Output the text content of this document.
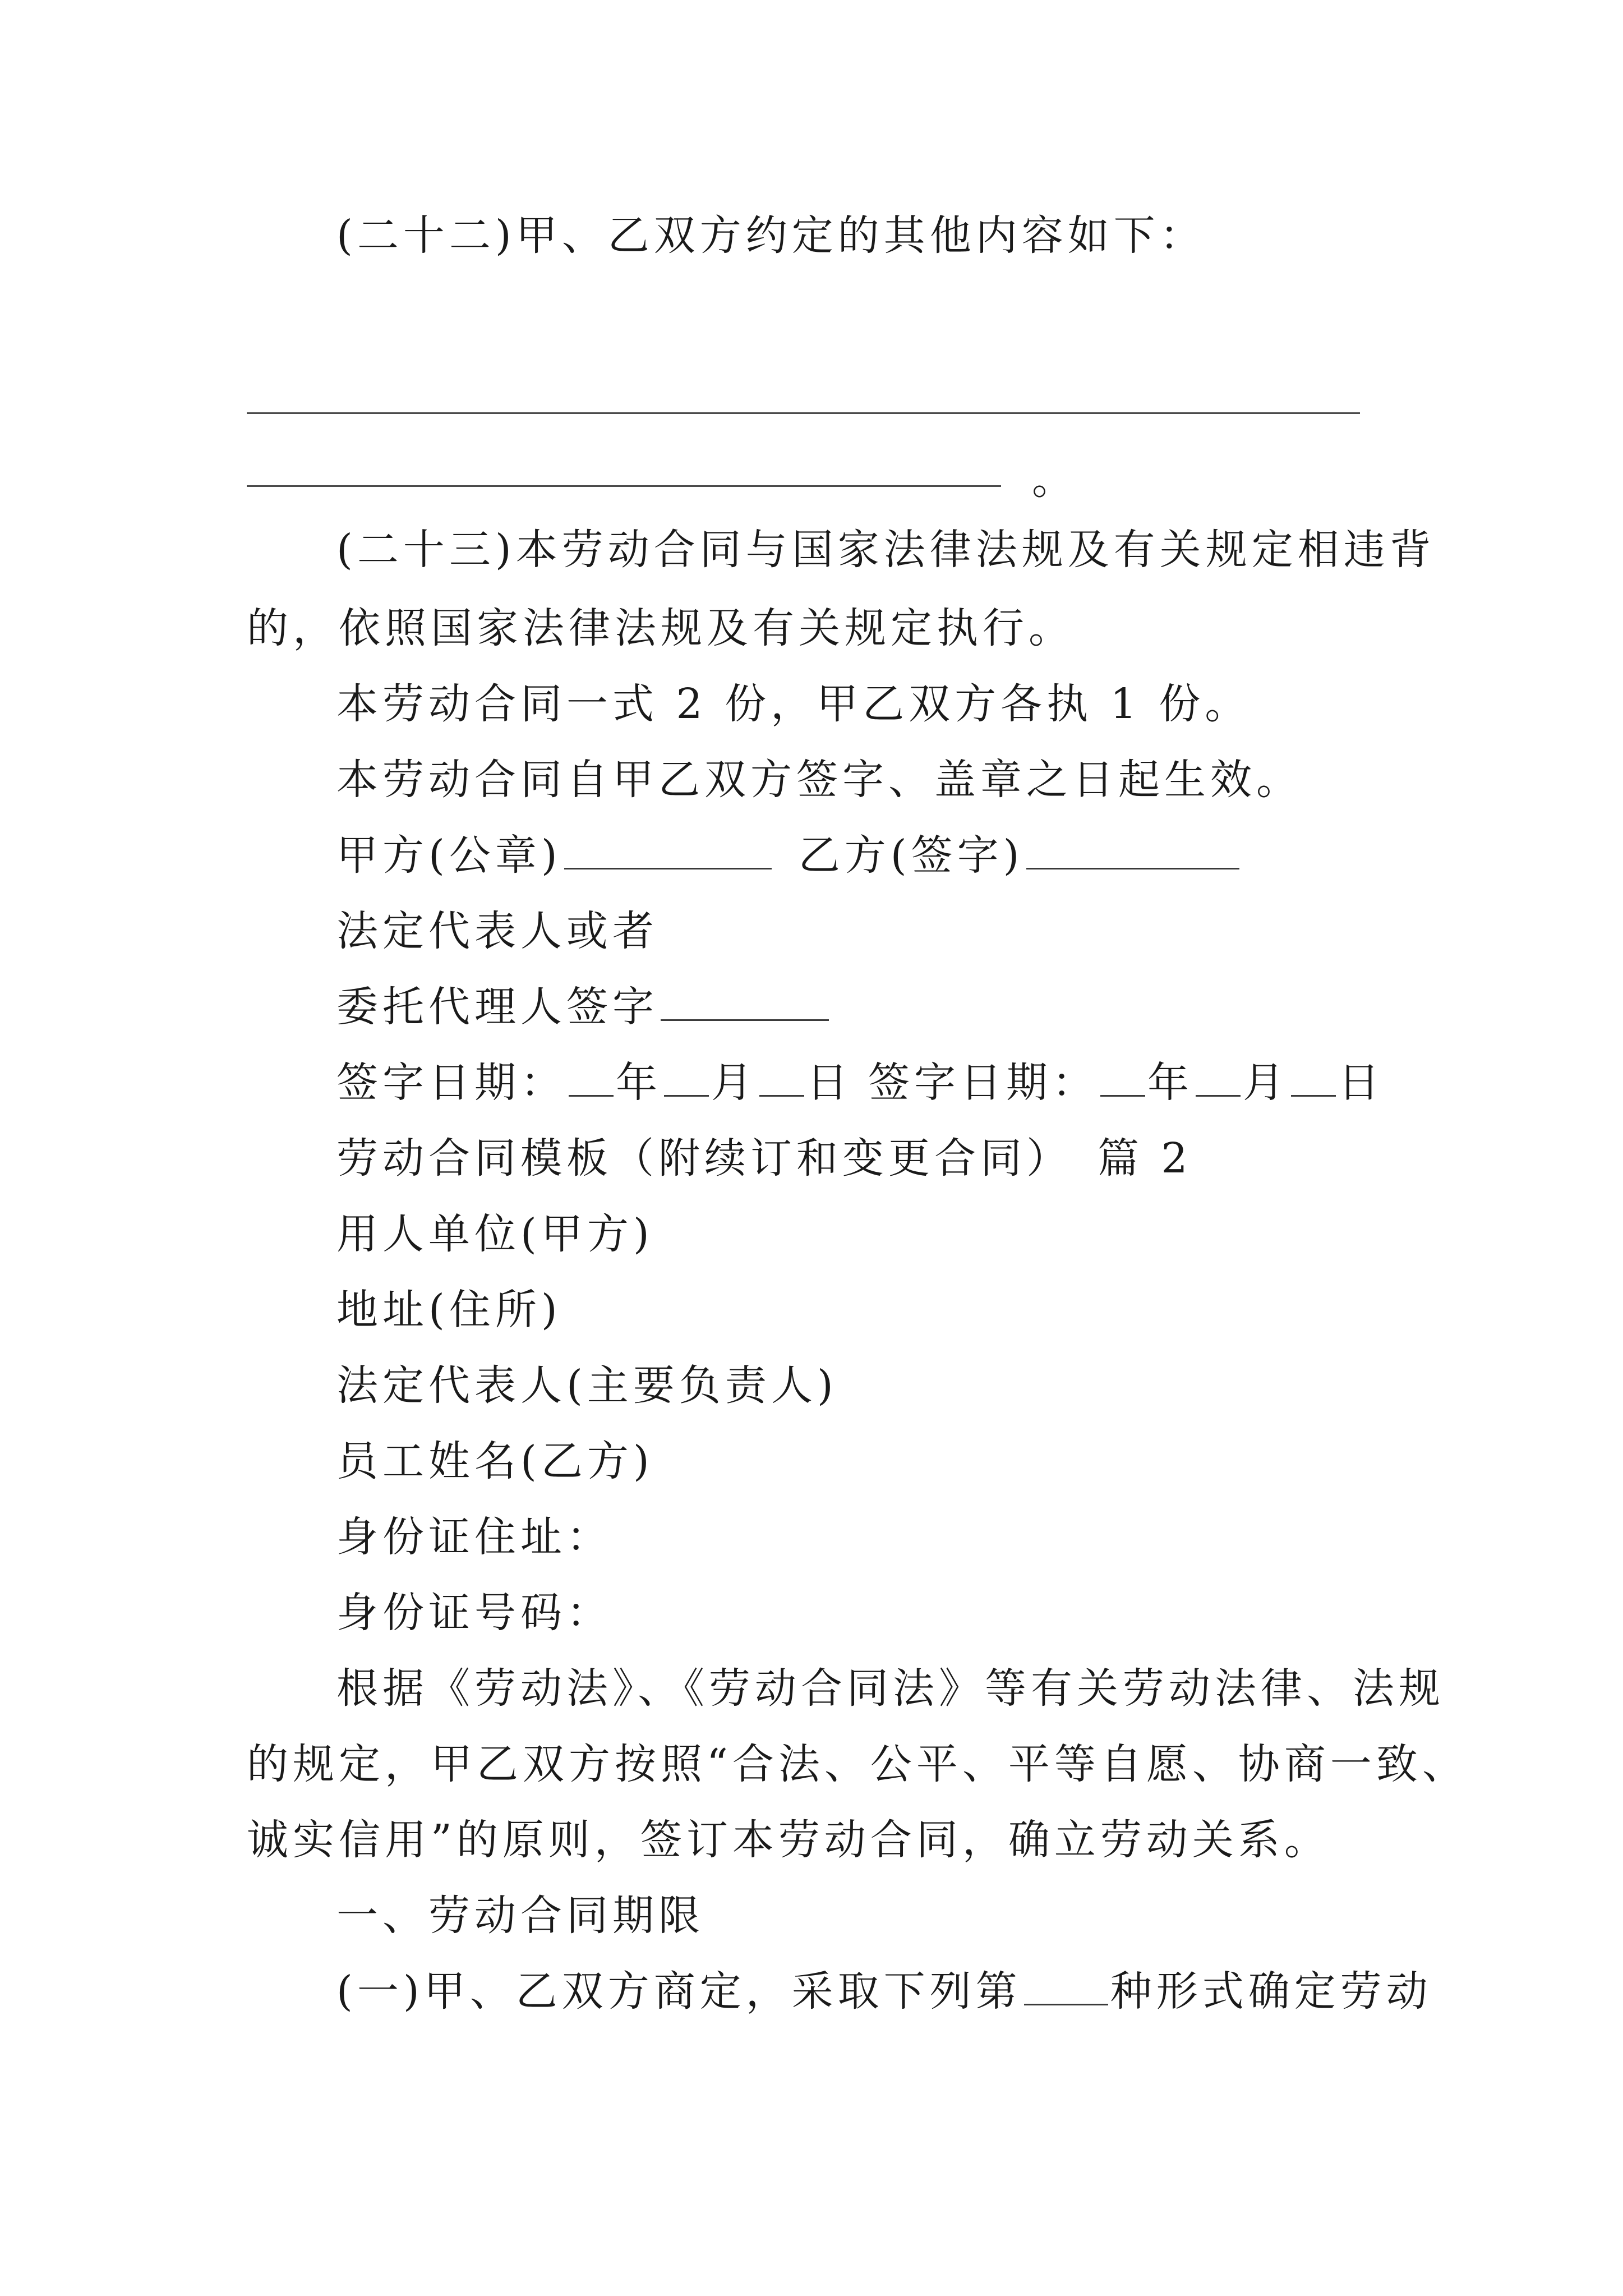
(二十二)甲、乙双方约定的其他内容如下：
。
(二十三)本劳动合同与国家法律法规及有关规定相违背
的，依照国家法律法规及有关规定执行。
本劳动合同一式 2 份，甲乙双方各执 1 份。
本劳动合同自甲乙双方签字、盖章之日起生效。
甲方(公章)	乙方(签字)
法定代表人或者
委托代理人签字
签字日期： 年 月 日 签字日期： 年 月 日
劳动合同模板（附续订和变更合同）　篇 2
用人单位(甲方)
地址(住所)
法定代表人(主要负责人)
员工姓名(乙方)
身份证住址：
身份证号码：
根据《劳动法》、《劳动合同法》等有关劳动法律、法规
的规定，甲乙双方按照“合法、公平、平等自愿、协商一致、
诚实信用”的原则，签订本劳动合同，确立劳动关系。
一、劳动合同期限
(一)甲、乙双方商定，采取下列第 种形式确定劳动
